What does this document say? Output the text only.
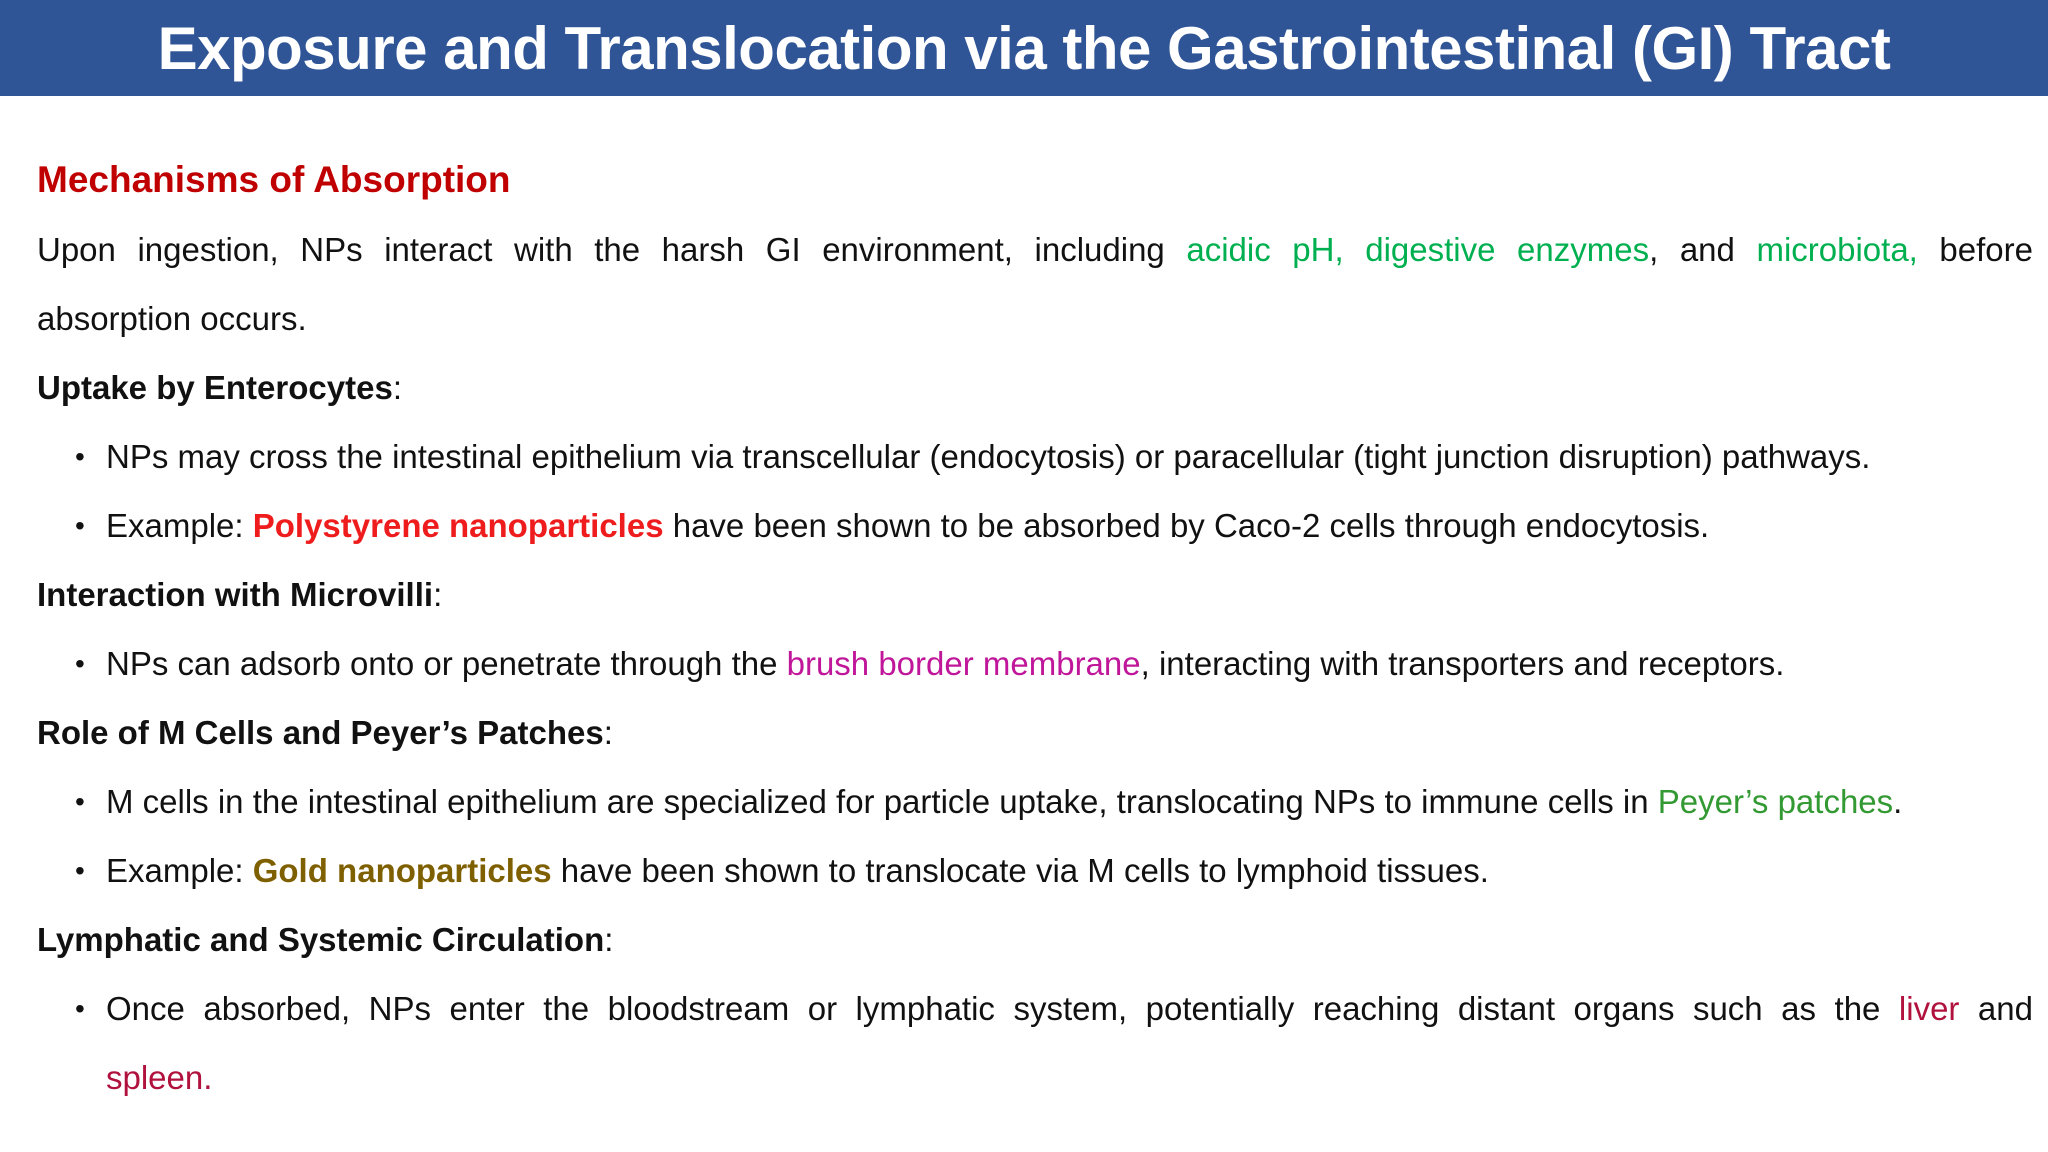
Exposure and Translocation via the Gastrointestinal (GI) Tract
Mechanisms of Absorption
Upon ingestion, NPs interact with the harsh GI environment, including acidic pH, digestive enzymes, and microbiota, before
absorption occurs.
Uptake by Enterocytes:
• NPs may cross the intestinal epithelium via transcellular (endocytosis) or paracellular (tight junction disruption) pathways.
• Example: Polystyrene nanoparticles have been shown to be absorbed by Caco-2 cells through endocytosis.
Interaction with Microvilli:
• NPs can adsorb onto or penetrate through the brush border membrane, interacting with transporters and receptors.
Role of M Cells and Peyer’s Patches:
• M cells in the intestinal epithelium are specialized for particle uptake, translocating NPs to immune cells in Peyer’s patches.
• Example: Gold nanoparticles have been shown to translocate via M cells to lymphoid tissues.
Lymphatic and Systemic Circulation:
• Once absorbed, NPs enter the bloodstream or lymphatic system, potentially reaching distant organs such as the liver and
spleen.
